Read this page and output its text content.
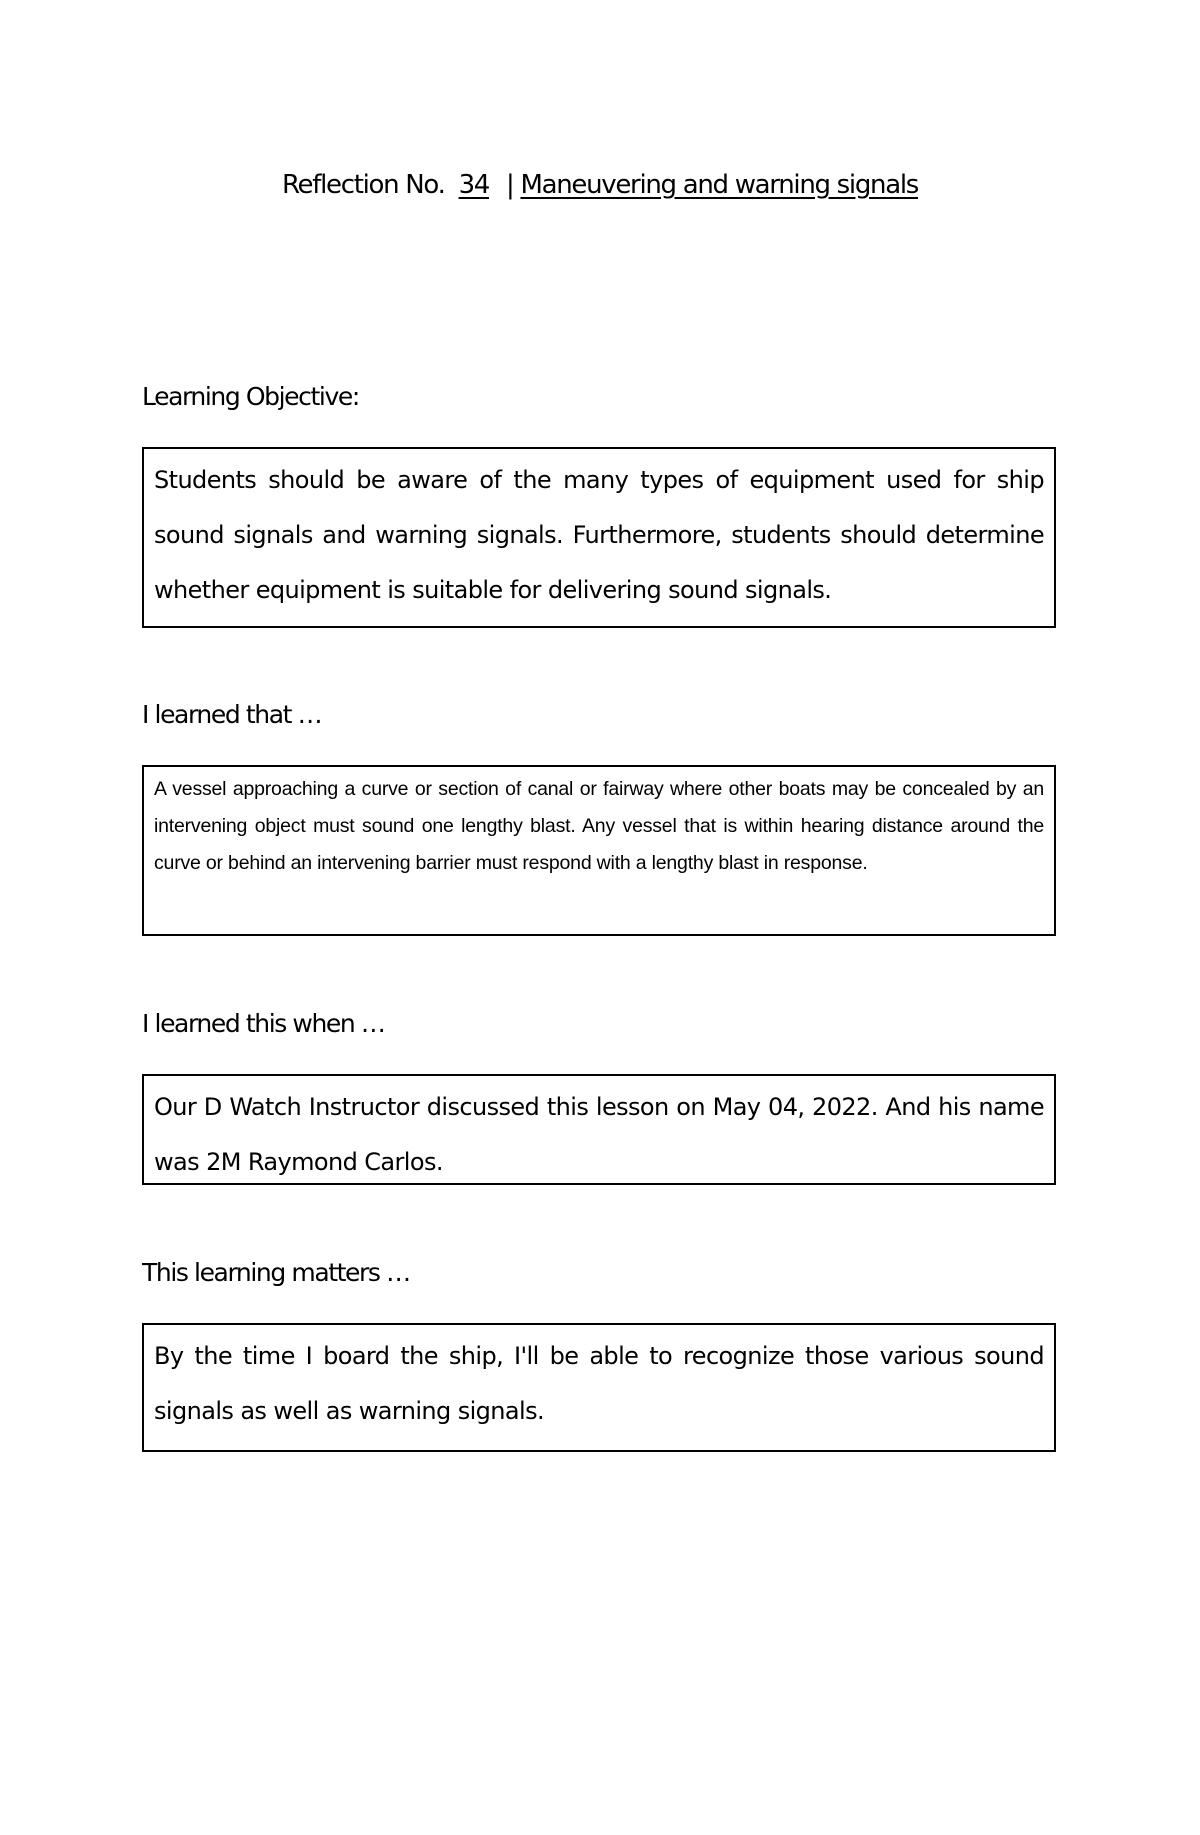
Reflection No. 34 | Maneuvering and warning signals
Learning Objective:

Students should be aware of the many types of equipment used for ship sound signals and warning signals. Furthermore, students should determine whether equipment is suitable for delivering sound signals.

I learned that …

A vessel approaching a curve or section of canal or fairway where other boats may be concealed by an intervening object must sound one lengthy blast. Any vessel that is within hearing distance around the curve or behind an intervening barrier must respond with a lengthy blast in response.

I learned this when …

Our D Watch Instructor discussed this lesson on May 04, 2022. And his name was 2M Raymond Carlos.

This learning matters …

By the time I board the ship, I'll be able to recognize those various sound signals as well as warning signals.
